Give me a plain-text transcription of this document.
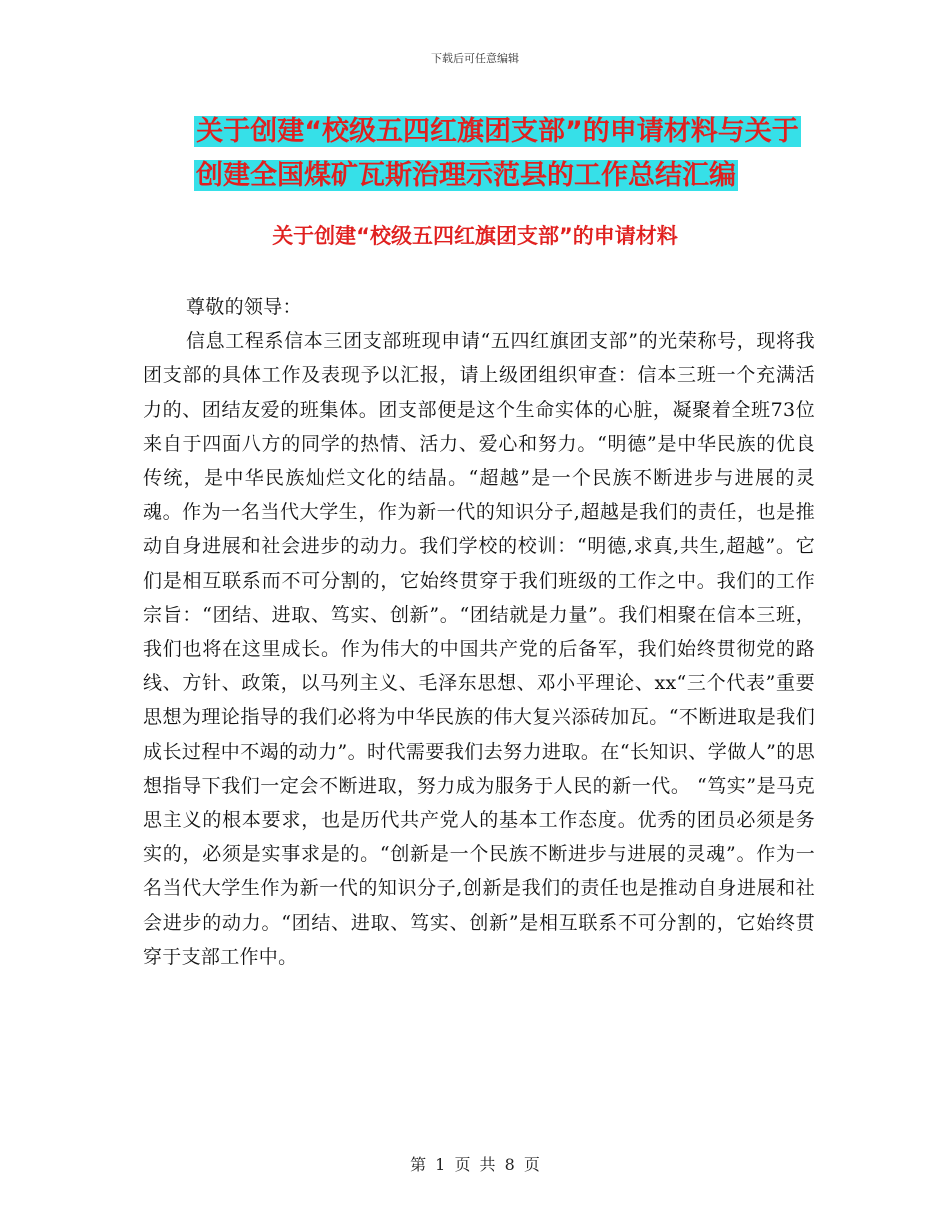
下载后可任意编辑
关于创建“校级五四红旗团支部”的申请材料与关于
创建全国煤矿瓦斯治理示范县的工作总结汇编
关于创建“校级五四红旗团支部”的申请材料

尊敬的领导：

信息工程系信本三团支部班现申请“五四红旗团支部”的光荣称号，现将我团支部的具体工作及表现予以汇报，请上级团组织审查：信本三班一个充满活力的、团结友爱的班集体。团支部便是这个生命实体的心脏，凝聚着全班73位来自于四面八方的同学的热情、活力、爱心和努力。“明德”是中华民族的优良传统，是中华民族灿烂文化的结晶。“超越”是一个民族不断进步与进展的灵魂。作为一名当代大学生，作为新一代的知识分子,超越是我们的责任，也是推动自身进展和社会进步的动力。我们学校的校训：“明德,求真,共生,超越”。它们是相互联系而不可分割的，它始终贯穿于我们班级的工作之中。我们的工作宗旨：“团结、进取、笃实、创新”。“团结就是力量”。我们相聚在信本三班，我们也将在这里成长。作为伟大的中国共产党的后备军，我们始终贯彻党的路线、方针、政策，以马列主义、毛泽东思想、邓小平理论、xx“三个代表”重要思想为理论指导的我们必将为中华民族的伟大复兴添砖加瓦。“不断进取是我们成长过程中不竭的动力”。时代需要我们去努力进取。在“长知识、学做人”的思想指导下我们一定会不断进取，努力成为服务于人民的新一代。 “笃实”是马克思主义的根本要求，也是历代共产党人的基本工作态度。优秀的团员必须是务实的，必须是实事求是的。“创新是一个民族不断进步与进展的灵魂”。作为一名当代大学生作为新一代的知识分子,创新是我们的责任也是推动自身进展和社会进步的动力。“团结、进取、笃实、创新”是相互联系不可分割的，它始终贯穿于支部工作中。

第 1 页 共 8 页
